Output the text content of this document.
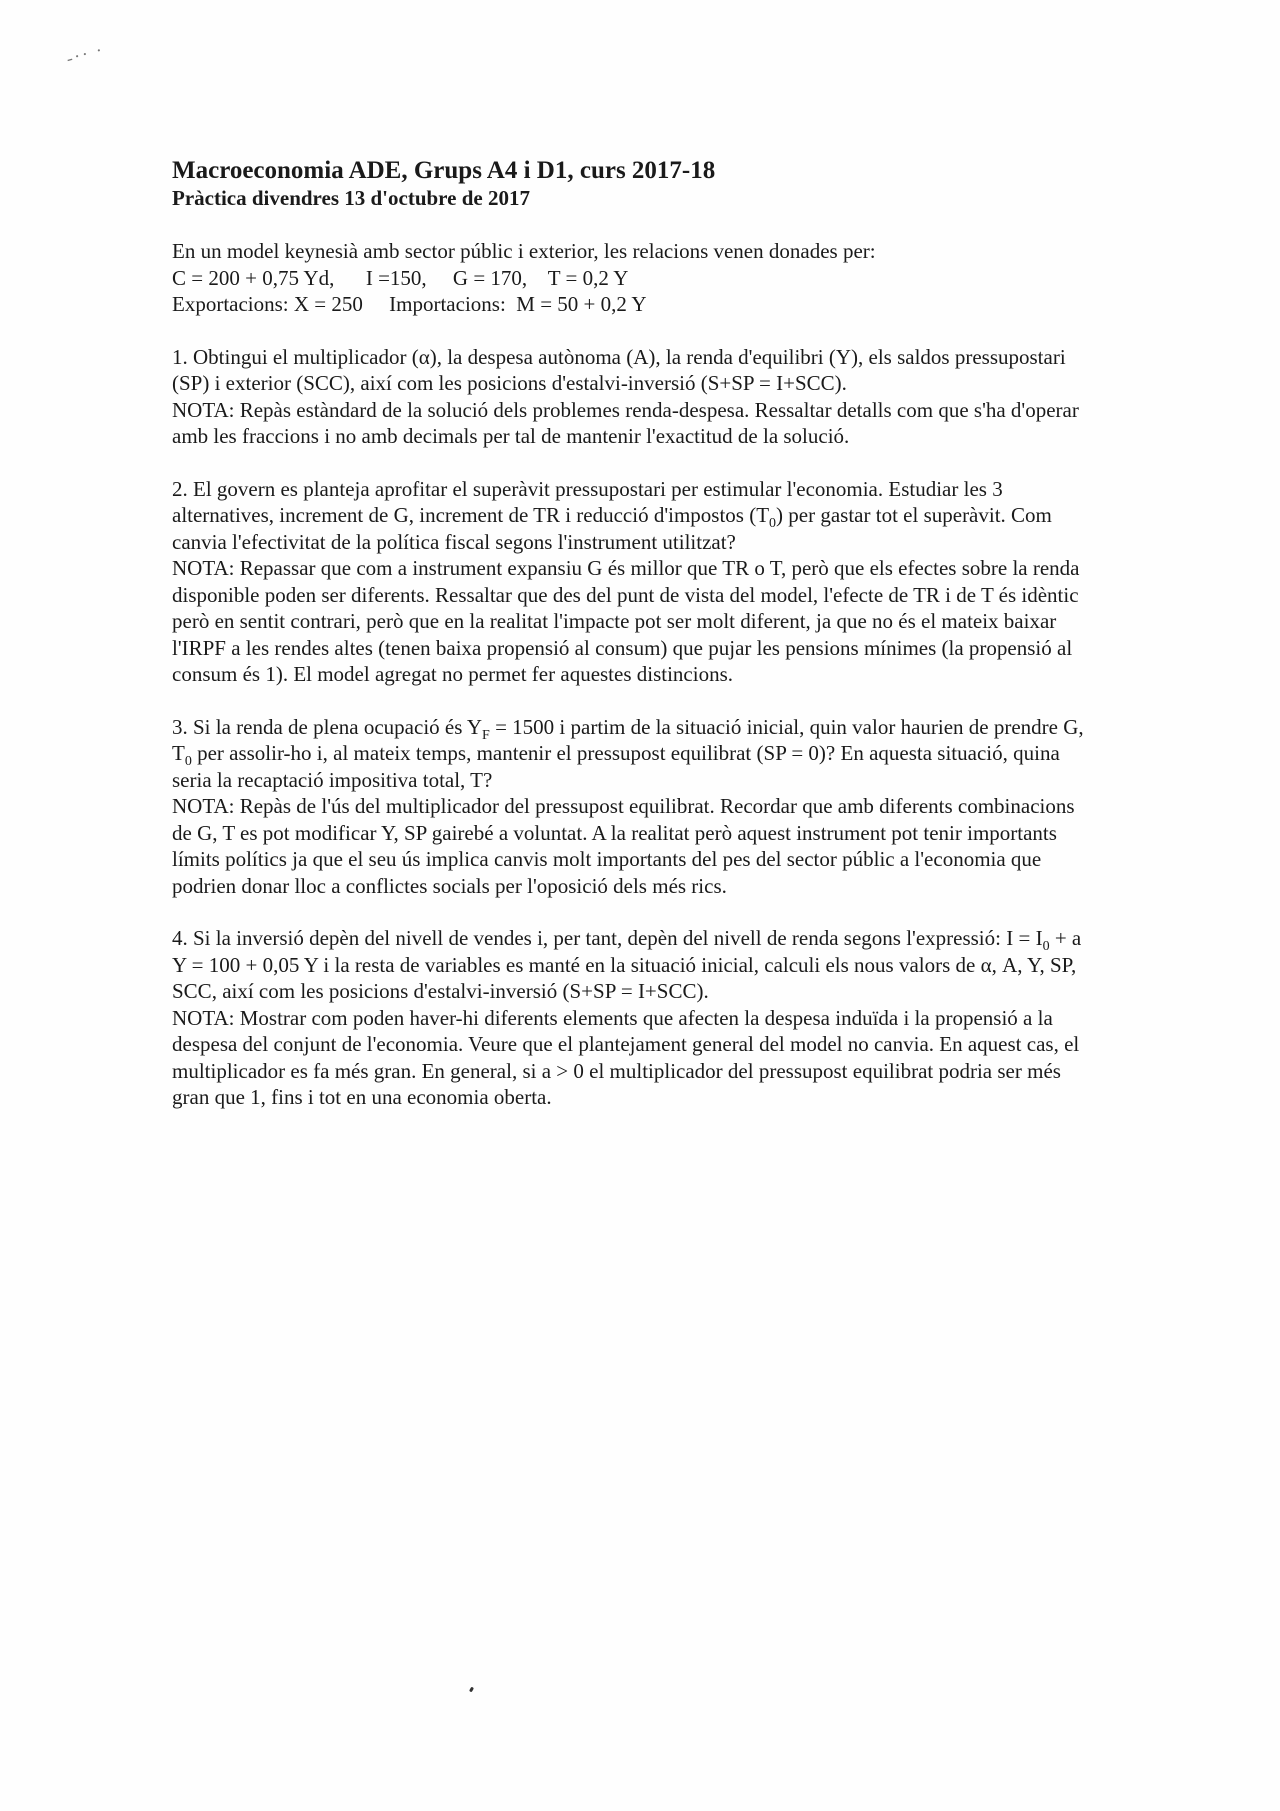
-·· ·

Macroeconomia ADE, Grups A4 i D1, curs 2017-18

Pràctica divendres 13 d'octubre de 2017

En un model keynesià amb sector públic i exterior, les relacions venen donades per:

C = 200 + 0,75 Yd,      I =150,     G = 170,    T = 0,2 Y

Exportacions: X = 250     Importacions:  M = 50 + 0,2 Y

1. Obtingui el multiplicador (α), la despesa autònoma (A), la renda d'equilibri (Y), els saldos pressupostari (SP) i exterior (SCC), així com les posicions d'estalvi-inversió (S+SP = I+SCC).

NOTA: Repàs estàndard de la solució dels problemes renda-despesa. Ressaltar detalls com que s'ha d'operar amb les fraccions i no amb decimals per tal de mantenir l'exactitud de la solució.

2. El govern es planteja aprofitar el superàvit pressupostari per estimular l'economia. Estudiar les 3 alternatives, increment de G, increment de TR i reducció d'impostos $(T_0)$ per gastar tot el superàvit. Com canvia l'efectivitat de la política fiscal segons l'instrument utilitzat?

NOTA: Repassar que com a instrument expansiu G és millor que TR o T, però que els efectes sobre la renda disponible poden ser diferents. Ressaltar que des del punt de vista del model, l'efecte de TR i de T és idèntic però en sentit contrari, però que en la realitat l'impacte pot ser molt diferent, ja que no és el mateix baixar l'IRPF a les rendes altes (tenen baixa propensió al consum) que pujar les pensions mínimes (la propensió al consum és 1). El model agregat no permet fer aquestes distincions.

3. Si la renda de plena ocupació és $Y_F = 1500$ i partim de la situació inicial, quin valor haurien de prendre G, $T_0$ per assolir-ho i, al mateix temps, mantenir el pressupost equilibrat (SP = 0)? En aquesta situació, quina seria la recaptació impositiva total, T?

NOTA: Repàs de l'ús del multiplicador del pressupost equilibrat. Recordar que amb diferents combinacions de G, T es pot modificar Y, SP gairebé a voluntat. A la realitat però aquest instrument pot tenir importants límits polítics ja que el seu ús implica canvis molt importants del pes del sector públic a l'economia que podrien donar lloc a conflictes socials per l'oposició dels més rics.

4. Si la inversió depèn del nivell de vendes i, per tant, depèn del nivell de renda segons l'expressió: $I = I_0 + a$ Y = 100 + 0,05 Y i la resta de variables es manté en la situació inicial, calculi els nous valors de α, A, Y, SP, SCC, així com les posicions d'estalvi-inversió (S+SP = I+SCC).

NOTA: Mostrar com poden haver-hi diferents elements que afecten la despesa induïda i la propensió a la despesa del conjunt de l'economia. Veure que el plantejament general del model no canvia. En aquest cas, el multiplicador es fa més gran. En general, si a > 0 el multiplicador del pressupost equilibrat podria ser més gran que 1, fins i tot en una economia oberta.
